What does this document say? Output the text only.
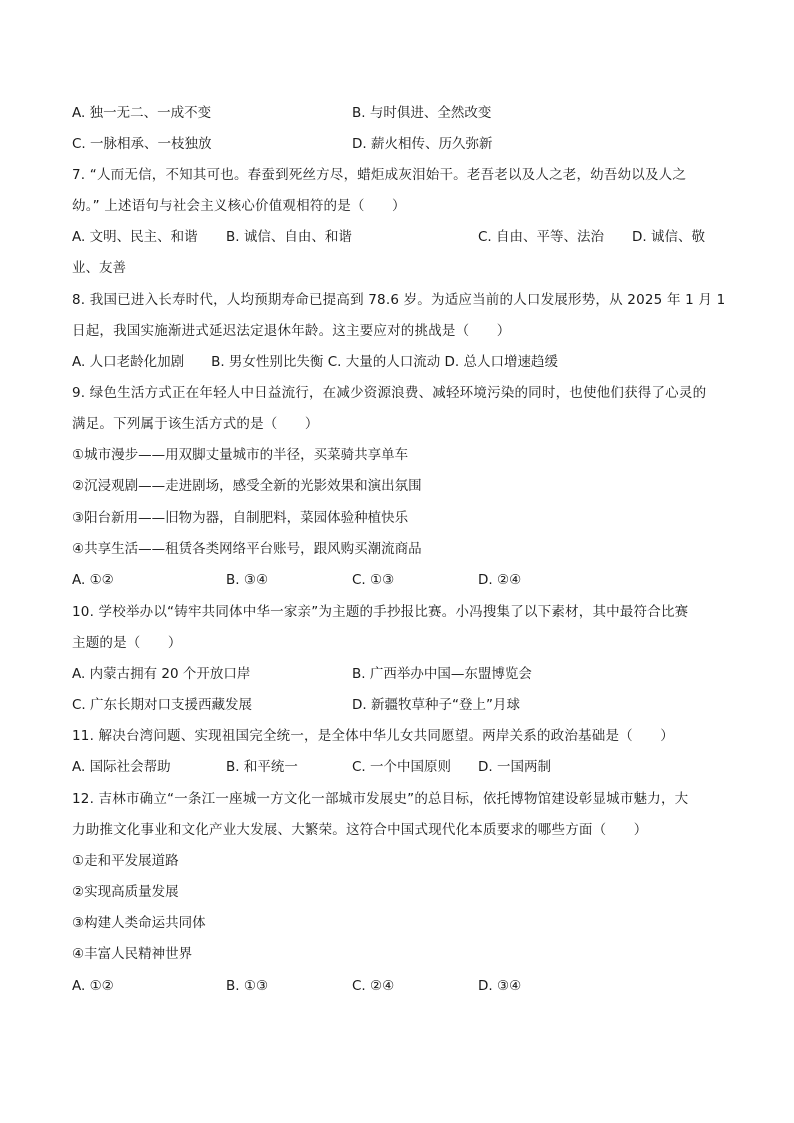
A. 独一无二、一成不变	B. 与时俱进、全然改变
C. 一脉相承、一枝独放	D. 薪火相传、历久弥新
7. “人而无信，不知其可也。春蚕到死丝方尽，蜡炬成灰泪始干。老吾老以及人之老，幼吾幼以及人之
幼。” 上述语句与社会主义核心价值观相符的是（　　）
A. 文明、民主、和谐 B. 诚信、自由、和谐	C. 自由、平等、法治 D. 诚信、敬
业、友善
8. 我国已进入长寿时代，人均预期寿命已提高到 78.6 岁。为适应当前的人口发展形势，从 2025 年 1 月 1
日起，我国实施渐进式延迟法定退休年龄。这主要应对的挑战是（　　）
A. 人口老龄化加剧　　B. 男女性别比失衡 C. 大量的人口流动 D. 总人口增速趋缓
9. 绿色生活方式正在年轻人中日益流行，在减少资源浪费、减轻环境污染的同时，也使他们获得了心灵的
满足。下列属于该生活方式的是（　　）
①城市漫步——用双脚丈量城市的半径，买菜骑共享单车
②沉浸观剧——走进剧场，感受全新的光影效果和演出氛围
③阳台新用——旧物为器，自制肥料，菜园体验种植快乐
④共享生活——租赁各类网络平台账号，跟风购买潮流商品
A. ①②	B. ③④	C. ①③	D. ②④
10. 学校举办以“铸牢共同体中华一家亲”为主题的手抄报比赛。小冯搜集了以下素材，其中最符合比赛
主题的是（　　）
A. 内蒙古拥有 20 个开放口岸	B. 广西举办中国—东盟博览会
C. 广东长期对口支援西藏发展	D. 新疆牧草种子“登上”月球
11. 解决台湾问题、实现祖国完全统一，是全体中华儿女共同愿望。两岸关系的政治基础是（　　）
A. 国际社会帮助	B. 和平统一	C. 一个中国原则 D. 一国两制
12. 吉林市确立“一条江一座城一方文化一部城市发展史”的总目标，依托博物馆建设彰显城市魅力，大
力助推文化事业和文化产业大发展、大繁荣。这符合中国式现代化本质要求的哪些方面（　　）
①走和平发展道路
②实现高质量发展
③构建人类命运共同体
④丰富人民精神世界
A. ①②	B. ①③	C. ②④	D. ③④
